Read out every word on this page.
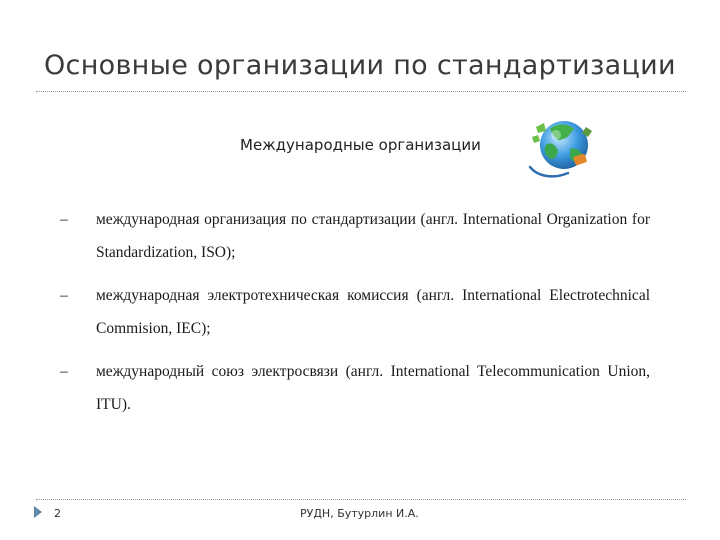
Основные организации по стандартизации
Международные организации
–	международная организация по стандартизации (англ. International Organization for Standardization, ISO);
–	международная электротехническая комиссия (англ. International Electrotechnical Commision, IEC);
–	международный союз электросвязи (англ. International Telecommunication Union, ITU).
2	РУДН, Бутурлин И.А.
